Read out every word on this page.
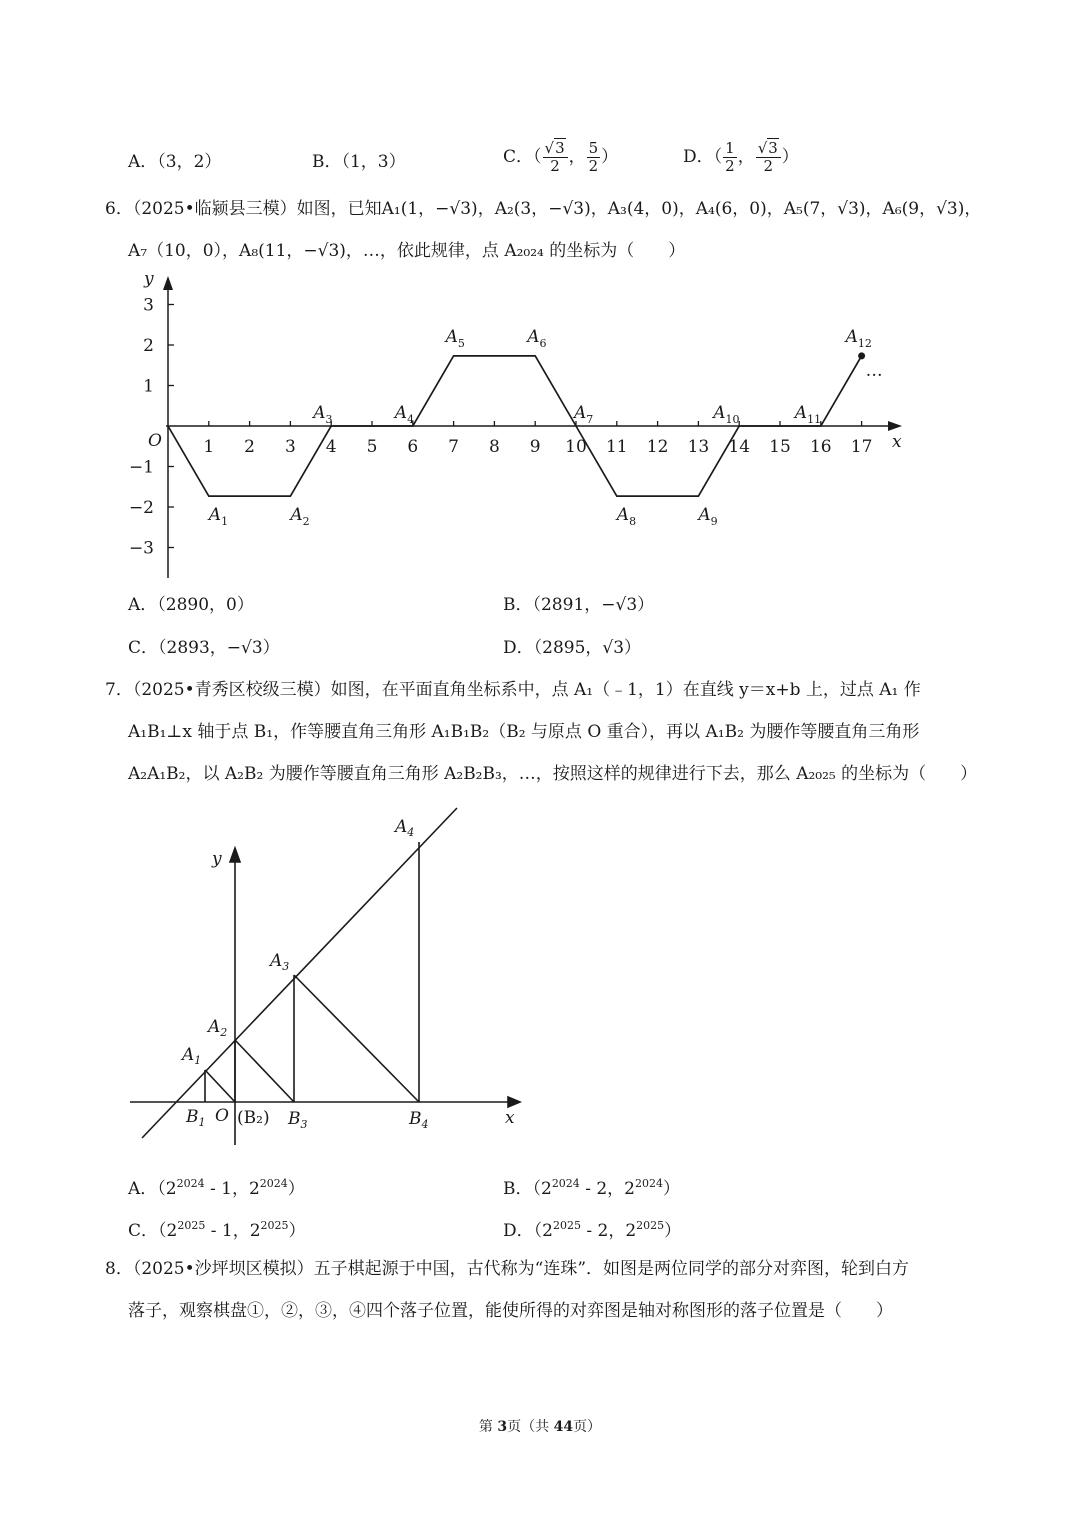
A．（3，2）	B．（1，3）	C．（ $\frac{√3}{2}$ ， $\frac{5}{2}$ ）	D．（ $\frac{1}{2}$ ， $\frac{√3}{2}$ ）
6．（2025•临颍县三模）如图，已知A₁(1，−√3)，A₂(3，−√3)，A₃(4，0)，A₄(6，0)，A₅(7，√3)，A₆(9，√3)，
A₇（10，0），A₈(11，−√3)，…，依此规律，点 A₂₀₂₄ 的坐标为（　　）
1 2 3 4 5 6 7 8 9 10 11 12 13 14 15 16 17
3
2
1
−1
−2
−3
x
y
O
$A_1$	$A_2$
$A_3$	$A_4$
$A_5$	$A_6$
$A_7$
$A_8$	$A_9$
$A_{10}$	$A_{11}$
$A_{12}$
…
A．（2890，0）	B．（2891，−√3）
C．（2893，−√3）	D．（2895，√3）
7．（2025•青秀区校级三模）如图，在平面直角坐标系中，点 A₁（﹣1，1）在直线 y＝x+b 上，过点 A₁ 作
A₁B₁⊥x 轴于点 B₁，作等腰直角三角形 A₁B₁B₂（B₂ 与原点 O 重合），再以 A₁B₂ 为腰作等腰直角三角形
A₂A₁B₂，以 A₂B₂ 为腰作等腰直角三角形 A₂B₂B₃，…，按照这样的规律进行下去，那么 A₂₀₂₅ 的坐标为（　　）
y
x
O (B₂)
$A_1$
$A_2$
$A_3$
$A_4$
$B_1$	$B_3$	$B_4$
A．（$2^{2024} - 1$，$2^{2024}$）	B．（$2^{2024} - 2$，$2^{2024}$）
C．（$2^{2025} - 1$，$2^{2025}$）	D．（$2^{2025} - 2$，$2^{2025}$）
8．（2025•沙坪坝区模拟）五子棋起源于中国，古代称为“连珠”．如图是两位同学的部分对弈图，轮到白方
落子，观察棋盘①，②，③，④四个落子位置，能使所得的对弈图是轴对称图形的落子位置是（　　）
第 3页（共 44页）
